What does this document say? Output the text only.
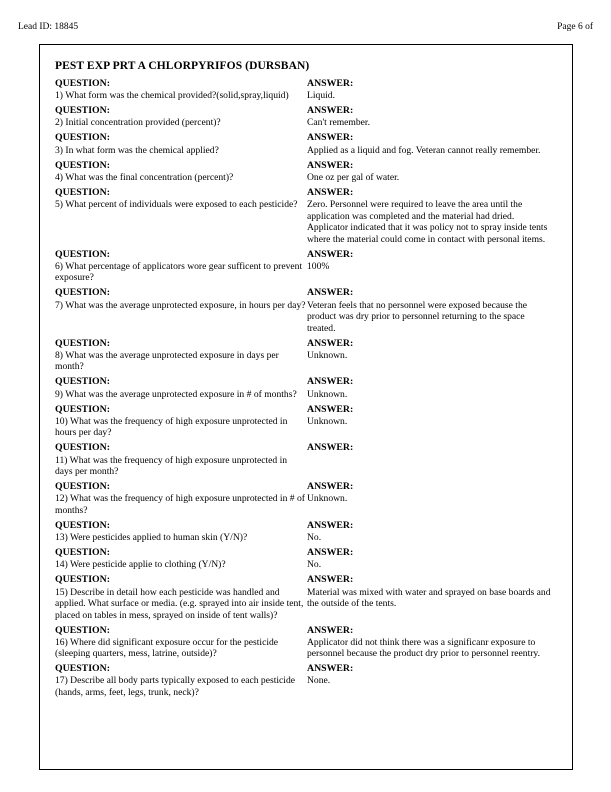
Lead ID: 18845	Page 6 of
PEST EXP PRT A CHLORPYRIFOS (DURSBAN)
QUESTION:
1) What form was the chemical provided?(solid,spray,liquid)

ANSWER:
Liquid.

QUESTION:
2) Initial concentration provided (percent)?

ANSWER:
Can't remember.

QUESTION:
3) In what form was the chemical applied?

ANSWER:
Applied as a liquid and fog. Veteran cannot really remember.

QUESTION:
4) What was the final concentration (percent)?

ANSWER:
One oz per gal of water.

QUESTION:
5) What percent of individuals were exposed to each pesticide?

ANSWER:
Zero. Personnel were required to leave the area until the application was completed and the material had dried. Applicator indicated that it was policy not to spray inside tents where the material could come in contact with personal items.

QUESTION:
6) What percentage of applicators wore gear sufficent to prevent exposure?

ANSWER:
100%

QUESTION:
7) What was the average unprotected exposure, in hours per day?

ANSWER:
Veteran feels that no personnel were exposed because the product was dry prior to personnel returning to the space treated.

QUESTION:
8) What was the average unprotected exposure in days per month?

ANSWER:
Unknown.

QUESTION:
9) What was the average unprotected exposure in # of months?

ANSWER:
Unknown.

QUESTION:
10) What was the frequency of high exposure unprotected in hours per day?

ANSWER:
Unknown.

QUESTION:
11) What was the frequency of high exposure unprotected in days per month?	ANSWER:

QUESTION:
12) What was the frequency of high exposure unprotected in # of months?

ANSWER:
Unknown.

QUESTION:
13) Were pesticides applied to human skin (Y/N)?

ANSWER:
No.

QUESTION:
14) Were pesticide applie to clothing (Y/N)?

ANSWER:
No.

QUESTION:
15) Describe in detail how each pesticide was handled and applied. What surface or media. (e.g. sprayed into air inside tent, placed on tables in mess, sprayed on inside of tent walls)?

ANSWER:
Material was mixed with water and sprayed on base boards and the outside of the tents.

QUESTION:
16) Where did significant exposure occur for the pesticide (sleeping quarters, mess, latrine, outside)?

ANSWER:
Applicator did not think there was a significanr exposure to personnel because the product dry prior to personnel reentry.

QUESTION:
17) Describe all body parts typically exposed to each pesticide (hands, arms, feet, legs, trunk, neck)?

ANSWER:
None.
